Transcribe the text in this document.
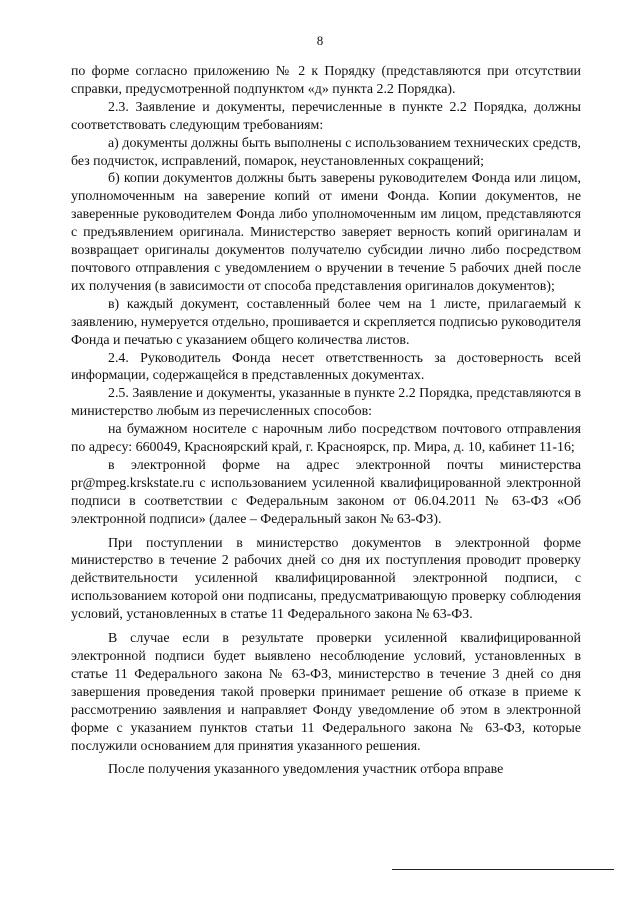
8

по форме согласно приложению № 2 к Порядку (представляются при отсутствии справки, предусмотренной подпунктом «д» пункта 2.2 Порядка).

2.3. Заявление и документы, перечисленные в пункте 2.2 Порядка, должны соответствовать следующим требованиям:

а) документы должны быть выполнены с использованием технических средств, без подчисток, исправлений, помарок, неустановленных сокращений;

б) копии документов должны быть заверены руководителем Фонда или лицом, уполномоченным на заверение копий от имени Фонда. Копии документов, не заверенные руководителем Фонда либо уполномоченным им лицом, представляются с предъявлением оригинала. Министерство заверяет верность копий оригиналам и возвращает оригиналы документов получателю субсидии лично либо посредством почтового отправления с уведомлением о вручении в течение 5 рабочих дней после их получения (в зависимости от способа представления оригиналов документов);

в) каждый документ, составленный более чем на 1 листе, прилагаемый к заявлению, нумеруется отдельно, прошивается и скрепляется подписью руководителя Фонда и печатью с указанием общего количества листов.

2.4. Руководитель Фонда несет ответственность за достоверность всей информации, содержащейся в представленных документах.

2.5. Заявление и документы, указанные в пункте 2.2 Порядка, представляются в министерство любым из перечисленных способов:

на бумажном носителе с нарочным либо посредством почтового отправления по адресу: 660049, Красноярский край, г. Красноярск, пр. Мира, д. 10, кабинет 11-16;

в электронной форме на адрес электронной почты министерства pr@mpeg.krskstate.ru с использованием усиленной квалифицированной электронной подписи в соответствии с Федеральным законом от 06.04.2011 № 63-ФЗ «Об электронной подписи» (далее – Федеральный закон № 63-ФЗ).

При поступлении в министерство документов в электронной форме министерство в течение 2 рабочих дней со дня их поступления проводит проверку действительности усиленной квалифицированной электронной подписи, с использованием которой они подписаны, предусматривающую проверку соблюдения условий, установленных в статье 11 Федерального закона № 63-ФЗ.

В случае если в результате проверки усиленной квалифицированной электронной подписи будет выявлено несоблюдение условий, установленных в статье 11 Федерального закона № 63-ФЗ, министерство в течение 3 дней со дня завершения проведения такой проверки принимает решение об отказе в приеме к рассмотрению заявления и направляет Фонду уведомление об этом в электронной форме с указанием пунктов статьи 11 Федерального закона № 63-ФЗ, которые послужили основанием для принятия указанного решения.

После получения указанного уведомления участник отбора вправе
